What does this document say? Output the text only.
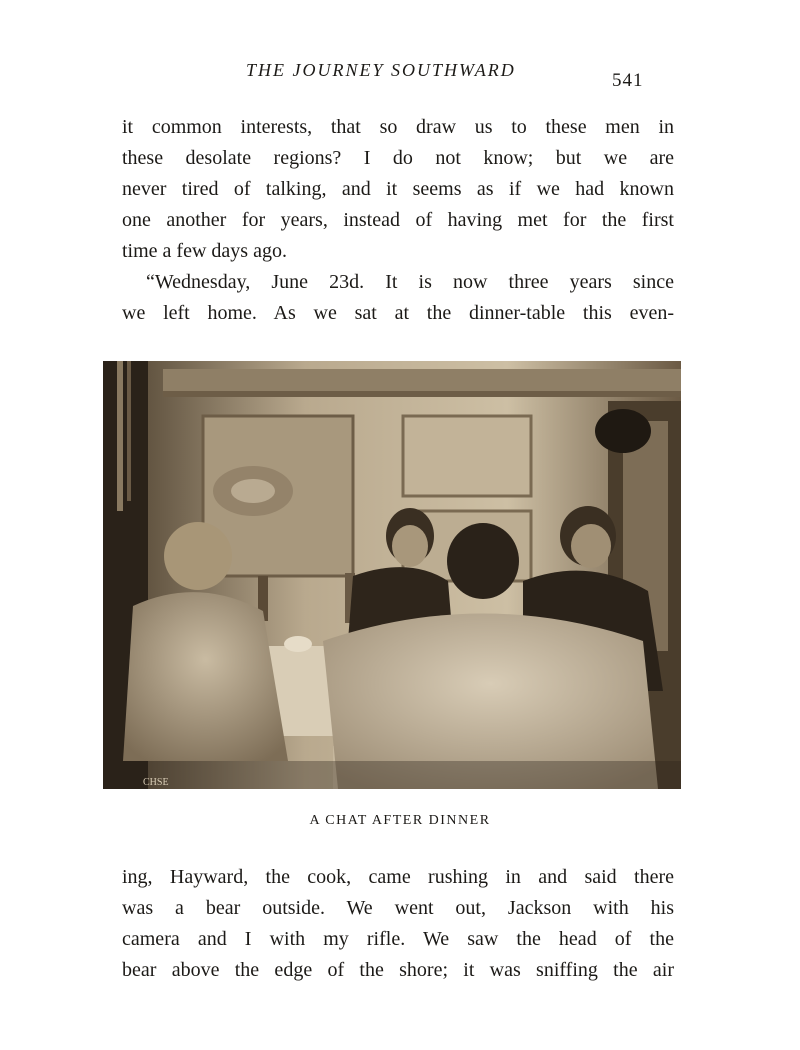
THE JOURNEY SOUTHWARD	541
it common interests, that so draw us to these men in
these desolate regions? I do not know; but we are
never tired of talking, and it seems as if we had known
one another for years, instead of having met for the first
time a few days ago.
“Wednesday, June 23d. It is now three years since
we left home. As we sat at the dinner-table this even-
CHSE
A CHAT AFTER DINNER
ing, Hayward, the cook, came rushing in and said there
was a bear outside. We went out, Jackson with his
camera and I with my rifle. We saw the head of the
bear above the edge of the shore; it was sniffing the air
